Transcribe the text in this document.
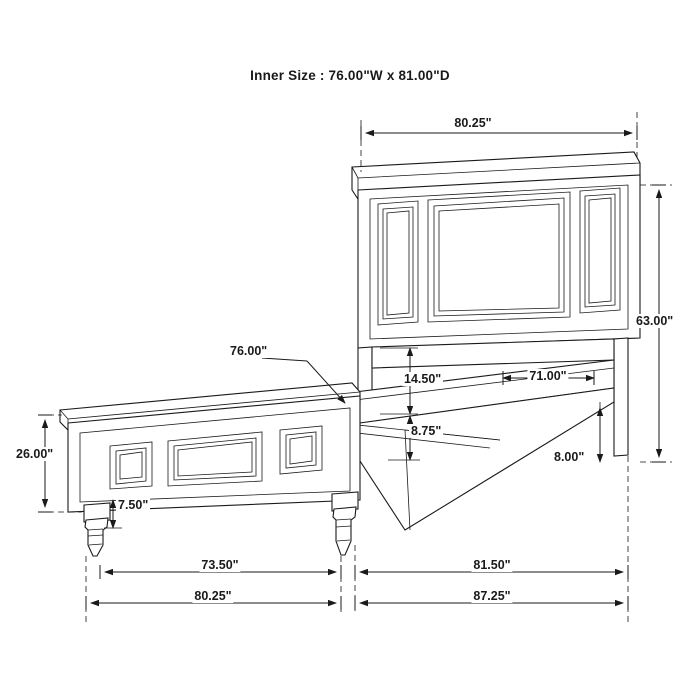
Inner Size : 76.00"W x 81.00"D
80.25"
63.00"
71.00"
14.50"
8.75"
76.00"
26.00"
7.50"
8.00"
73.50"	81.50"
80.25"	87.25"
